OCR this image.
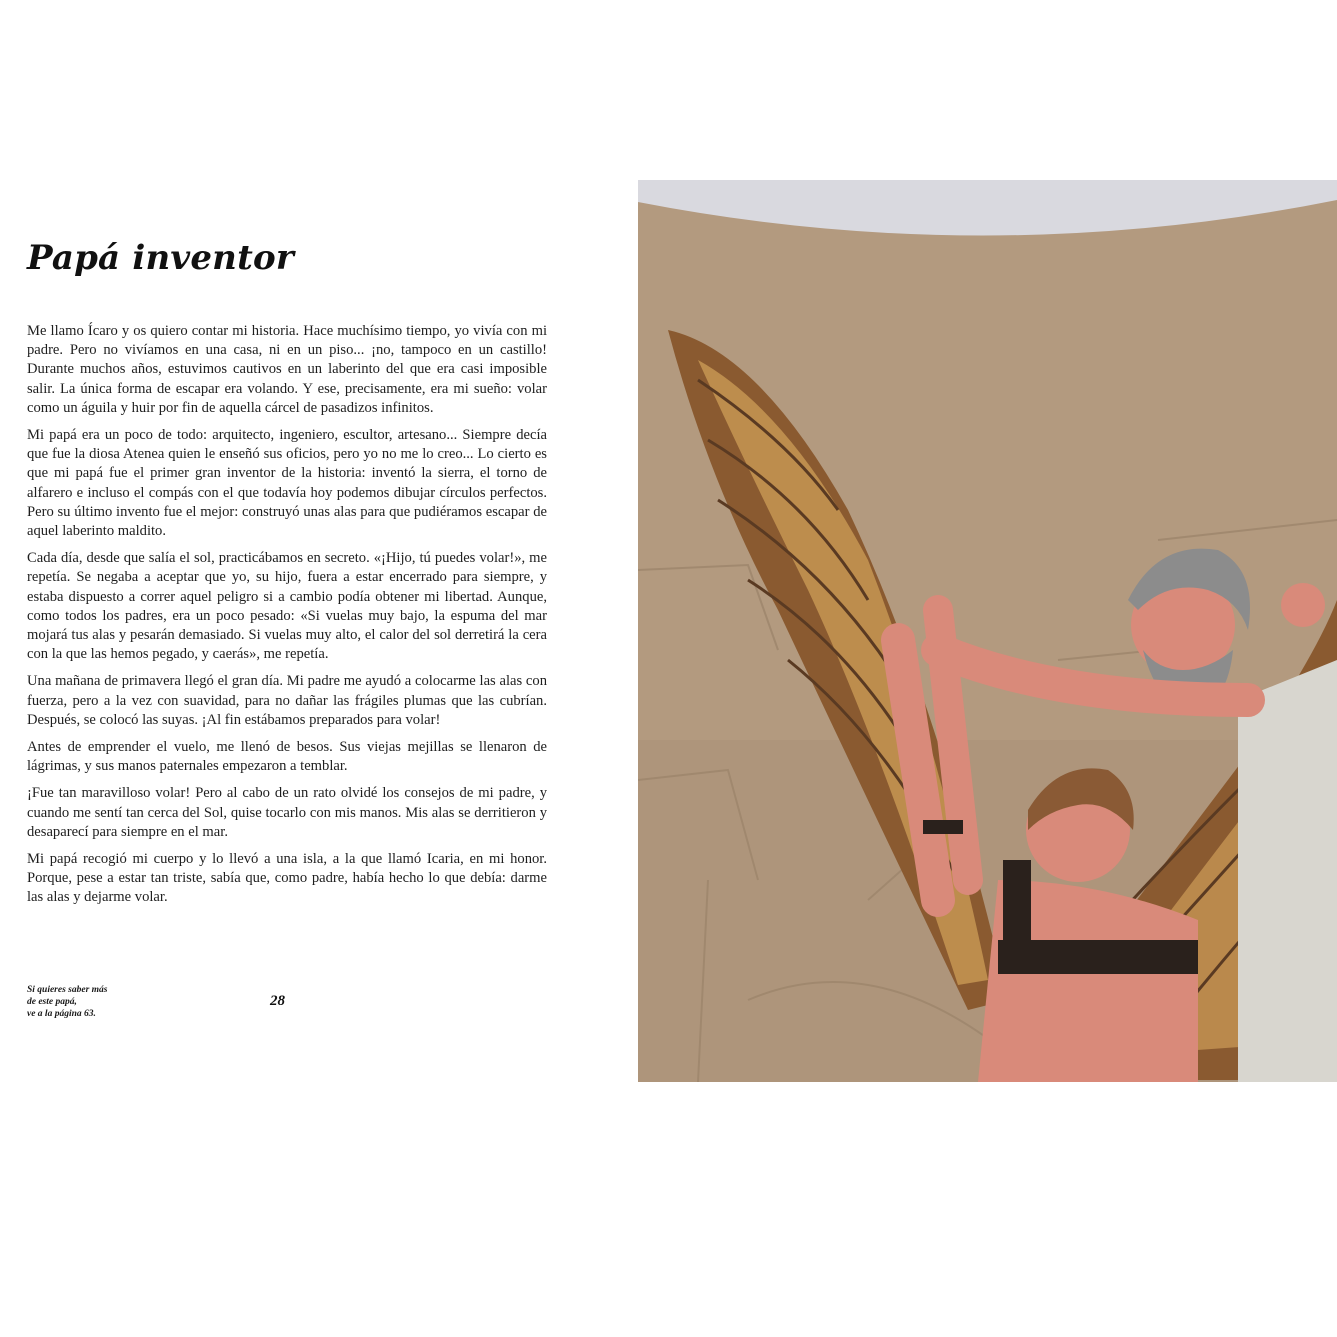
Papá inventor

Me llamo Ícaro y os quiero contar mi historia. Hace muchísimo tiempo, yo vivía con mi padre. Pero no vivíamos en una casa, ni en un piso... ¡no, tampoco en un castillo! Durante muchos años, estuvimos cautivos en un laberinto del que era casi imposible salir. La única forma de escapar era volando. Y ese, precisamente, era mi sueño: volar como un águila y huir por fin de aquella cárcel de pasadizos infinitos.

Mi papá era un poco de todo: arquitecto, ingeniero, escultor, artesano... Siempre decía que fue la diosa Atenea quien le enseñó sus oficios, pero yo no me lo creo... Lo cierto es que mi papá fue el primer gran inventor de la historia: inventó la sierra, el torno de alfarero e incluso el compás con el que todavía hoy podemos dibujar círculos perfectos. Pero su último invento fue el mejor: construyó unas alas para que pudiéramos escapar de aquel laberinto maldito.

Cada día, desde que salía el sol, practicábamos en secreto. «¡Hijo, tú puedes volar!», me repetía. Se negaba a aceptar que yo, su hijo, fuera a estar encerrado para siempre, y estaba dispuesto a correr aquel peligro si a cambio podía obtener mi libertad. Aunque, como todos los padres, era un poco pesado: «Si vuelas muy bajo, la espuma del mar mojará tus alas y pesarán demasiado. Si vuelas muy alto, el calor del sol derretirá la cera con la que las hemos pegado, y caerás», me repetía.

Una mañana de primavera llegó el gran día. Mi padre me ayudó a colocarme las alas con fuerza, pero a la vez con suavidad, para no dañar las frágiles plumas que las cubrían. Después, se colocó las suyas. ¡Al fin estábamos preparados para volar!

Antes de emprender el vuelo, me llenó de besos. Sus viejas mejillas se llenaron de lágrimas, y sus manos paternales empezaron a temblar.

¡Fue tan maravilloso volar! Pero al cabo de un rato olvidé los consejos de mi padre, y cuando me sentí tan cerca del Sol, quise tocarlo con mis manos. Mis alas se derritieron y desaparecí para siempre en el mar.

Mi papá recogió mi cuerpo y lo llevó a una isla, a la que llamó Icaria, en mi honor. Porque, pese a estar tan triste, sabía que, como padre, había hecho lo que debía: darme las alas y dejarme volar.

Si quieres saber más
de este papá,
ve a la página 63.
28
